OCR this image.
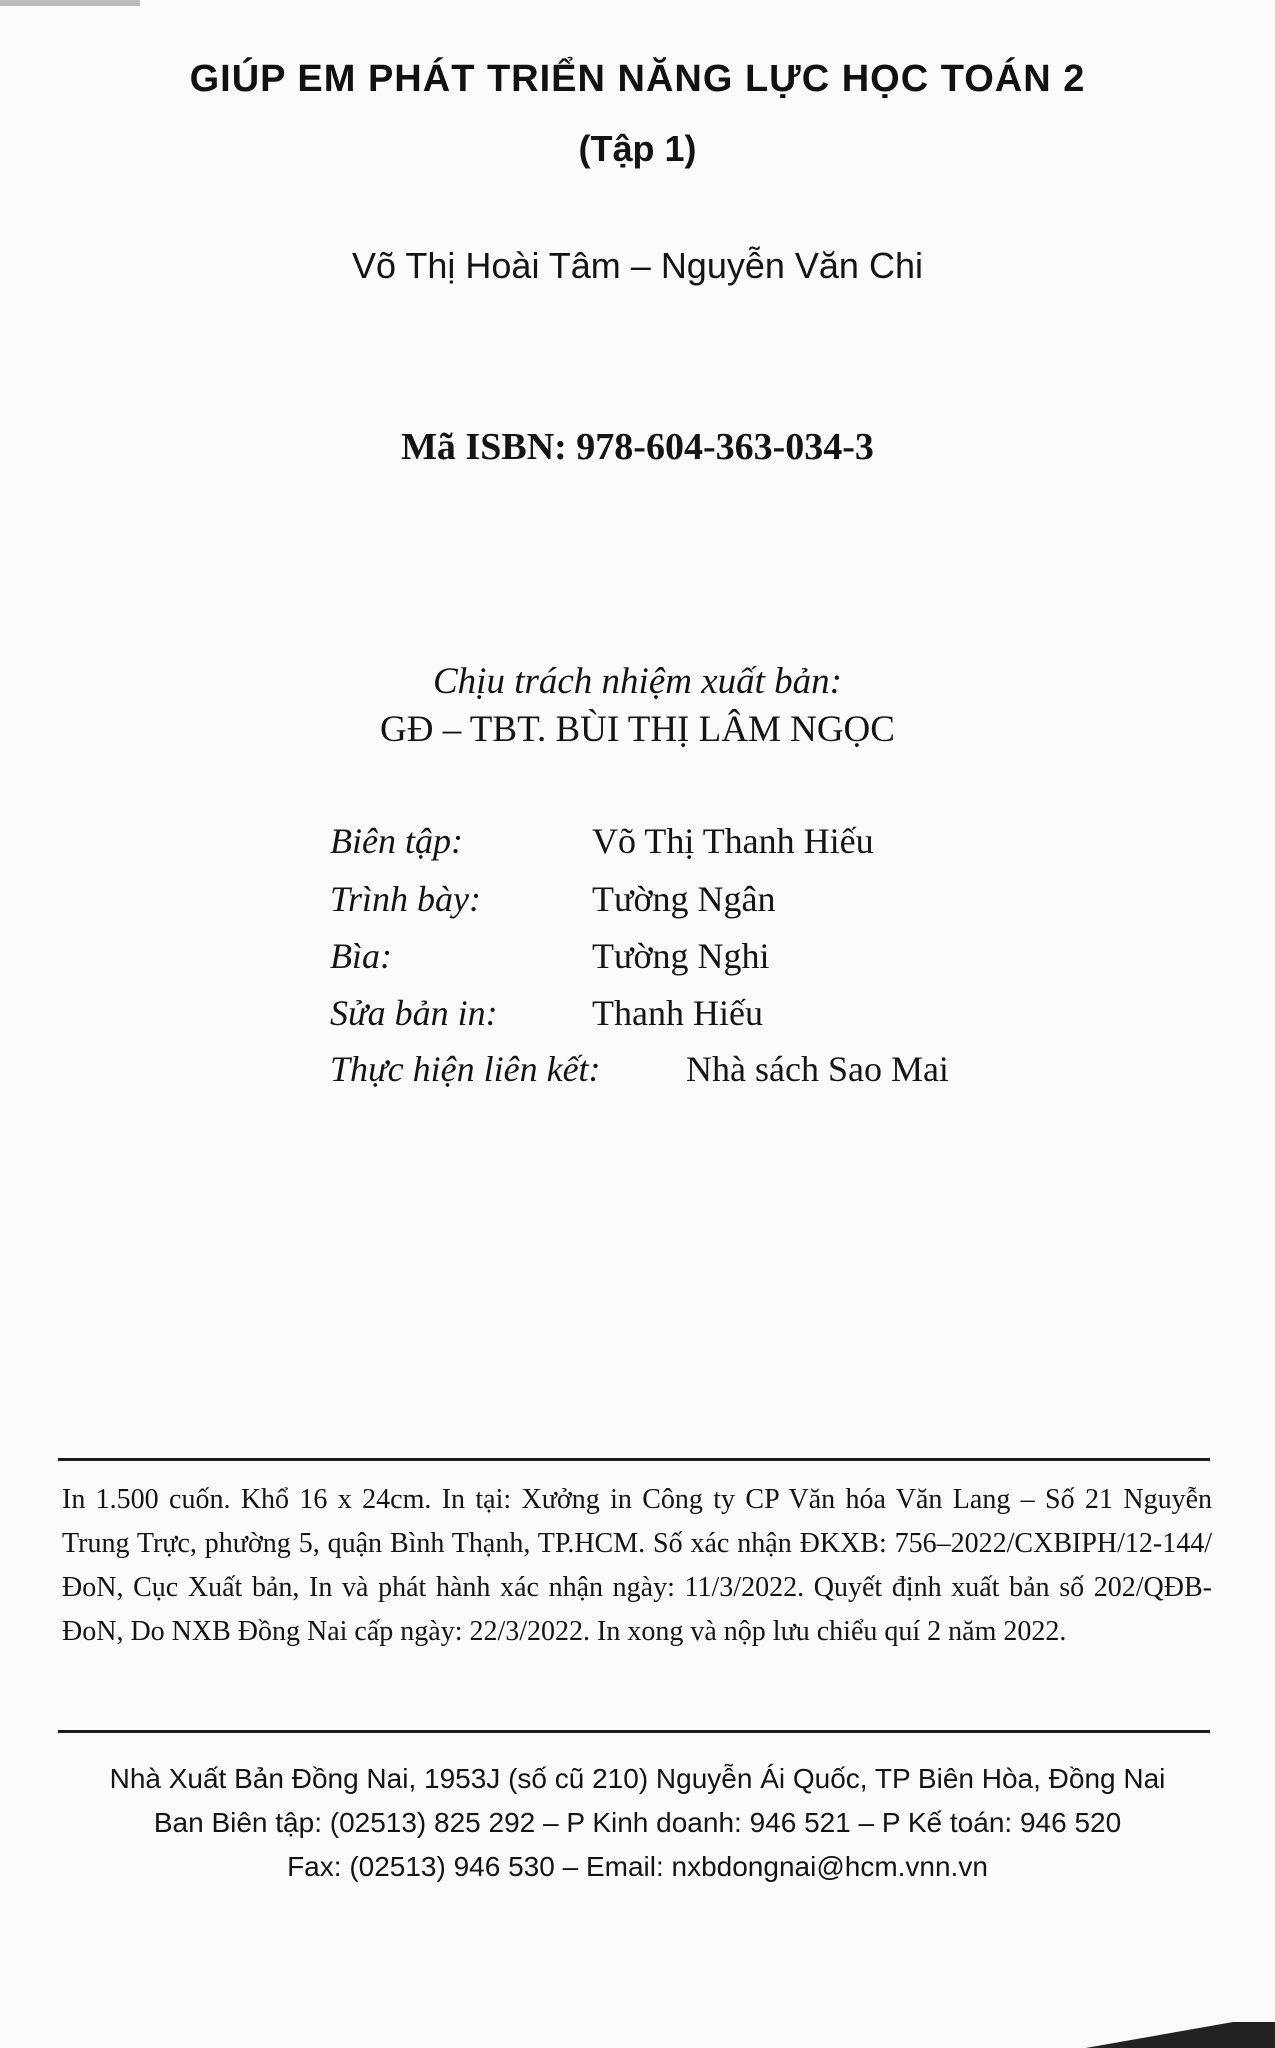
GIÚP EM PHÁT TRIỂN NĂNG LỰC HỌC TOÁN 2
(Tập 1)
Võ Thị Hoài Tâm – Nguyễn Văn Chi
Mã ISBN: 978-604-363-034-3
Chịu trách nhiệm xuất bản:
GĐ – TBT. BÙI THỊ LÂM NGỌC
Biên tập:	Võ Thị Thanh Hiếu
Trình bày:	Tường Ngân
Bìa:	Tường Nghi
Sửa bản in:	Thanh Hiếu
Thực hiện liên kết: Nhà sách Sao Mai

In 1.500 cuốn. Khổ 16 x 24cm. In tại: Xưởng in Công ty CP Văn hóa Văn Lang – Số 21 Nguyễn Trung Trực, phường 5, quận Bình Thạnh, TP.HCM. Số xác nhận ĐKXB: 756–2022/CXBIPH/12-144/ĐoN, Cục Xuất bản, In và phát hành xác nhận ngày: 11/3/2022. Quyết định xuất bản số 202/QĐB-ĐoN, Do NXB Đồng Nai cấp ngày: 22/3/2022. In xong và nộp lưu chiểu quí 2 năm 2022.

Nhà Xuất Bản Đồng Nai, 1953J (số cũ 210) Nguyễn Ái Quốc, TP Biên Hòa, Đồng Nai

Ban Biên tập: (02513) 825 292 – P Kinh doanh: 946 521 – P Kế toán: 946 520

Fax: (02513) 946 530 – Email: nxbdongnai@hcm.vnn.vn
